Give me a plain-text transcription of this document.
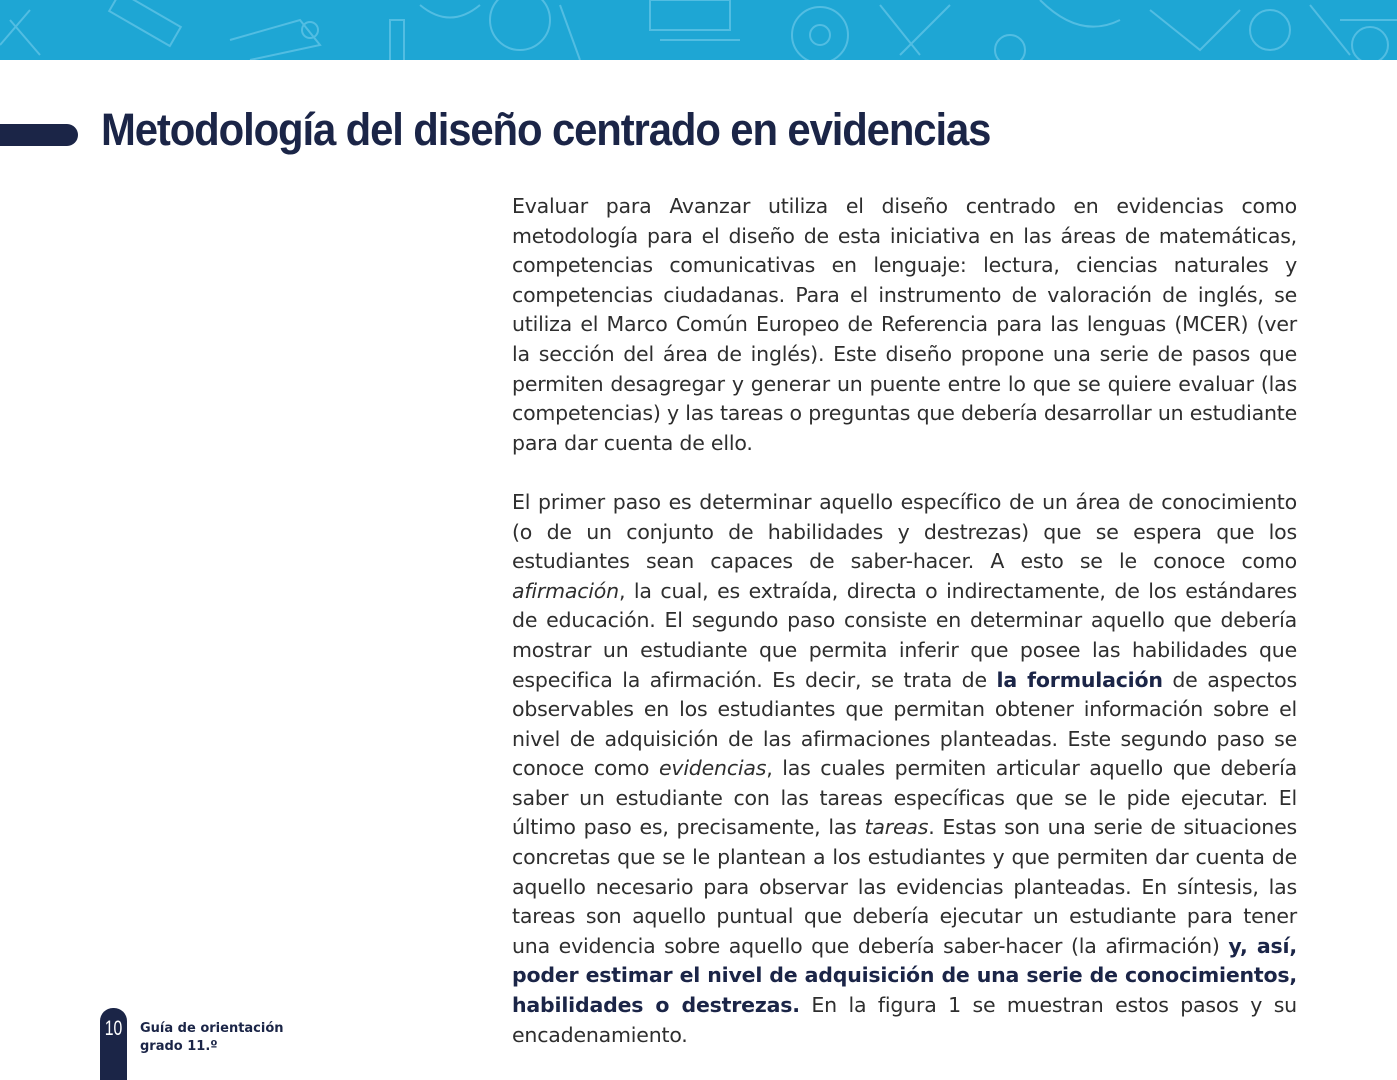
Metodología del diseño centrado en evidencias

Evaluar para Avanzar utiliza el diseño centrado en evidencias como metodología para el diseño de esta iniciativa en las áreas de matemáticas, competencias comunicativas en lenguaje: lectura, ciencias naturales y competencias ciudadanas. Para el instrumento de valoración de inglés, se utiliza el Marco Común Europeo de Referencia para las lenguas (MCER) (ver la sección del área de inglés). Este diseño propone una serie de pasos que permiten desagregar y generar un puente entre lo que se quiere evaluar (las competencias) y las tareas o preguntas que debería desarrollar un estudiante para dar cuenta de ello.

El primer paso es determinar aquello específico de un área de conocimiento (o de un conjunto de habilidades y destrezas) que se espera que los estudiantes sean capaces de saber-hacer. A esto se le conoce como afirmación, la cual, es extraída, directa o indirectamente, de los estándares de educación. El segundo paso consiste en determinar aquello que debería mostrar un estudiante que permita inferir que posee las habilidades que especifica la afirmación. Es decir, se trata de la formulación de aspectos observables en los estudiantes que permitan obtener información sobre el nivel de adquisición de las afirmaciones planteadas. Este segundo paso se conoce como evidencias, las cuales permiten articular aquello que debería saber un estudiante con las tareas específicas que se le pide ejecutar. El último paso es, precisamente, las tareas. Estas son una serie de situaciones concretas que se le plantean a los estudiantes y que permiten dar cuenta de aquello necesario para observar las evidencias planteadas. En síntesis, las tareas son aquello puntual que debería ejecutar un estudiante para tener una evidencia sobre aquello que debería saber-hacer (la afirmación) y, así, poder estimar el nivel de adquisición de una serie de conocimientos, habilidades o destrezas. En la figura 1 se muestran estos pasos y su encadenamiento.

10 Guía de orientación
grado 11.º
